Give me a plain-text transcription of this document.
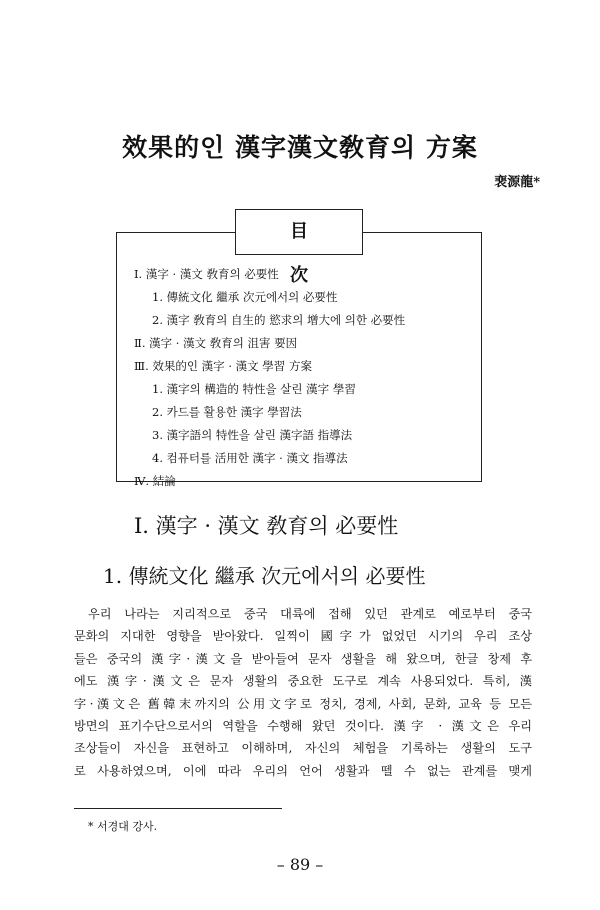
效果的인 漢字漢文敎育의 方案
裵源龍*
目 次
Ⅰ. 漢字 · 漢文 敎育의 必要性
1. 傳統文化 繼承 次元에서의 必要性
2. 漢字 敎育의 自生的 慾求의 增大에 의한 必要性
Ⅱ. 漢字 · 漢文 敎育의 沮害 要因
Ⅲ. 效果的인 漢字 · 漢文 學習 方案
1. 漢字의 構造的 特性을 살린 漢字 學習
2. 카드를 활용한 漢字 學習法
3. 漢字語의 特性을 살린 漢字語 指導法
4. 컴퓨터를 活用한 漢字 · 漢文 指導法
Ⅳ. 結論
Ⅰ. 漢字 · 漢文 敎育의 必要性
1. 傳統文化 繼承 次元에서의 必要性
우리 나라는 지리적으로 중국 대륙에 접해 있던 관계로 예로부터 중국
문화의 지대한 영향을 받아왔다. 일찍이 國字가 없었던 시기의 우리 조상
들은 중국의 漢字·漢文을 받아들여 문자 생활을 해 왔으며, 한글 창제 후
에도 漢字·漢文은 문자 생활의 중요한 도구로 계속 사용되었다. 특히, 漢
字·漢文은 舊韓末까지의 公用文字로 정치, 경제, 사회, 문화, 교육 등 모든
방면의 표기수단으로서의 역할을 수행해 왔던 것이다. 漢字 · 漢文은 우리
조상들이 자신을 표현하고 이해하며, 자신의 체험을 기록하는 생활의 도구
로 사용하였으며, 이에 따라 우리의 언어 생활과 뗄 수 없는 관계를 맺게
* 서경대 강사.
– 89 –
